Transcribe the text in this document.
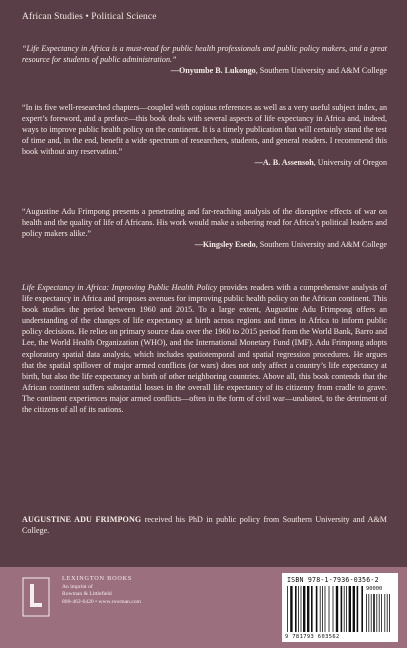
African Studies • Political Science

“Life Expectancy in Africa is a must-read for public health professionals and public policy makers, and a great resource for students of public administration.”

—Onyumbe B. Lukongo, Southern University and A&M College

“In its five well-researched chapters—coupled with copious references as well as a very useful subject index, an expert’s foreword, and a preface—this book deals with several aspects of life expectancy in Africa and, indeed, ways to improve public health policy on the continent. It is a timely publication that will certainly stand the test of time and, in the end, benefit a wide spectrum of researchers, students, and general readers. I recommend this book without any reservation.”

—A. B. Assensoh, University of Oregon

“Augustine Adu Frimpong presents a penetrating and far-reaching analysis of the disruptive effects of war on health and the quality of life of Africans. His work would make a sobering read for Africa’s political leaders and policy makers alike.”

—Kingsley Esedo, Southern University and A&M College

Life Expectancy in Africa: Improving Public Health Policy provides readers with a comprehensive analysis of life expectancy in Africa and proposes avenues for improving public health policy on the African continent. This book studies the period between 1960 and 2015. To a large extent, Augustine Adu Frimpong offers an understanding of the changes of life expectancy at birth across regions and times in Africa to inform public policy decisions. He relies on primary source data over the 1960 to 2015 period from the World Bank, Barro and Lee, the World Health Organization (WHO), and the International Monetary Fund (IMF). Adu Frimpong adopts exploratory spatial data analysis, which includes spatiotemporal and spatial regression procedures. He argues that the spatial spillover of major armed conflicts (or wars) does not only affect a country’s life expectancy at birth, but also the life expectancy at birth of other neighboring countries. Above all, this book contends that the African continent suffers substantial losses in the overall life expectancy of its citizenry from cradle to grave. The continent experiences major armed conflicts—often in the form of civil war—unabated, to the detriment of the citizens of all of its nations.

AUGUSTINE ADU FRIMPONG received his PhD in public policy from Southern University and A&M College.

LEXINGTON BOOKS
An imprint of
Rowman & Littlefield
800-462-6420 • www.rowman.com
ISBN 978-1-7936-0356-2
90000
9 781793 603562
